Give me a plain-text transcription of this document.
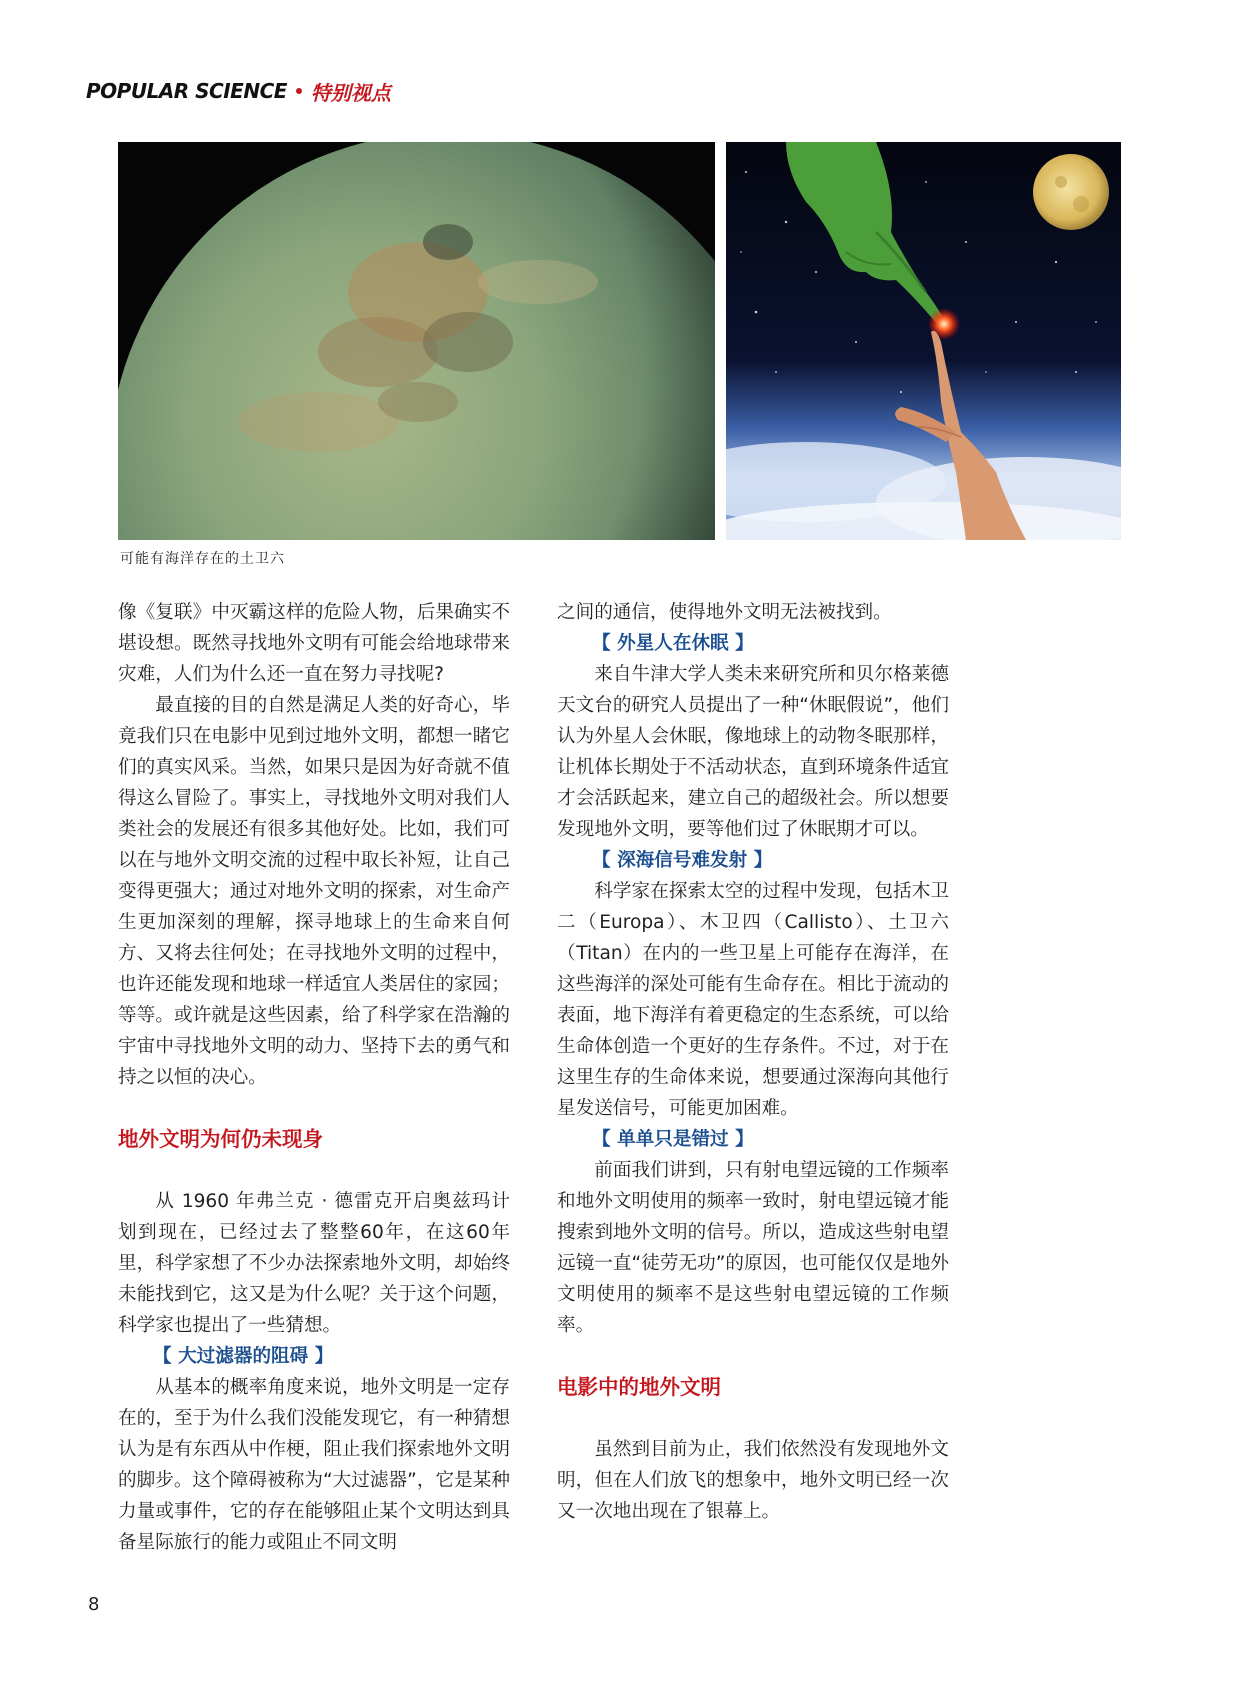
POPULAR SCIENCE 特别视点
可能有海洋存在的土卫六

像《复联》中灭霸这样的危险人物，后果确实不堪设想。既然寻找地外文明有可能会给地球带来灾难，人们为什么还一直在努力寻找呢?

最直接的目的自然是满足人类的好奇心，毕竟我们只在电影中见到过地外文明，都想一睹它们的真实风采。当然，如果只是因为好奇就不值得这么冒险了。事实上，寻找地外文明对我们人类社会的发展还有很多其他好处。比如，我们可以在与地外文明交流的过程中取长补短，让自己变得更强大；通过对地外文明的探索，对生命产生更加深刻的理解，探寻地球上的生命来自何方、又将去往何处；在寻找地外文明的过程中，也许还能发现和地球一样适宜人类居住的家园；等等。或许就是这些因素，给了科学家在浩瀚的宇宙中寻找地外文明的动力、坚持下去的勇气和持之以恒的决心。

地外文明为何仍未现身

从 1960 年弗兰克 · 德雷克开启奥兹玛计划到现在，已经过去了整整60年，在这60年里，科学家想了不少办法探索地外文明，却始终未能找到它，这又是为什么呢？关于这个问题，科学家也提出了一些猜想。

【 大过滤器的阻碍 】

从基本的概率角度来说，地外文明是一定存在的，至于为什么我们没能发现它，有一种猜想认为是有东西从中作梗，阻止我们探索地外文明的脚步。这个障碍被称为“大过滤器”，它是某种力量或事件，它的存在能够阻止某个文明达到具备星际旅行的能力或阻止不同文明

之间的通信，使得地外文明无法被找到。

【 外星人在休眠 】

来自牛津大学人类未来研究所和贝尔格莱德天文台的研究人员提出了一种“休眠假说”，他们认为外星人会休眠，像地球上的动物冬眠那样，让机体长期处于不活动状态，直到环境条件适宜才会活跃起来，建立自己的超级社会。所以想要发现地外文明，要等他们过了休眠期才可以。

【 深海信号难发射 】

科学家在探索太空的过程中发现，包括木卫二（Europa）、木卫四（Callisto）、土卫六（Titan）在内的一些卫星上可能存在海洋，在这些海洋的深处可能有生命存在。相比于流动的表面，地下海洋有着更稳定的生态系统，可以给生命体创造一个更好的生存条件。不过，对于在这里生存的生命体来说，想要通过深海向其他行星发送信号，可能更加困难。

【 单单只是错过 】

前面我们讲到，只有射电望远镜的工作频率和地外文明使用的频率一致时，射电望远镜才能搜索到地外文明的信号。所以，造成这些射电望远镜一直“徒劳无功”的原因，也可能仅仅是地外文明使用的频率不是这些射电望远镜的工作频率。

电影中的地外文明

虽然到目前为止，我们依然没有发现地外文明，但在人们放飞的想象中，地外文明已经一次又一次地出现在了银幕上。

8
